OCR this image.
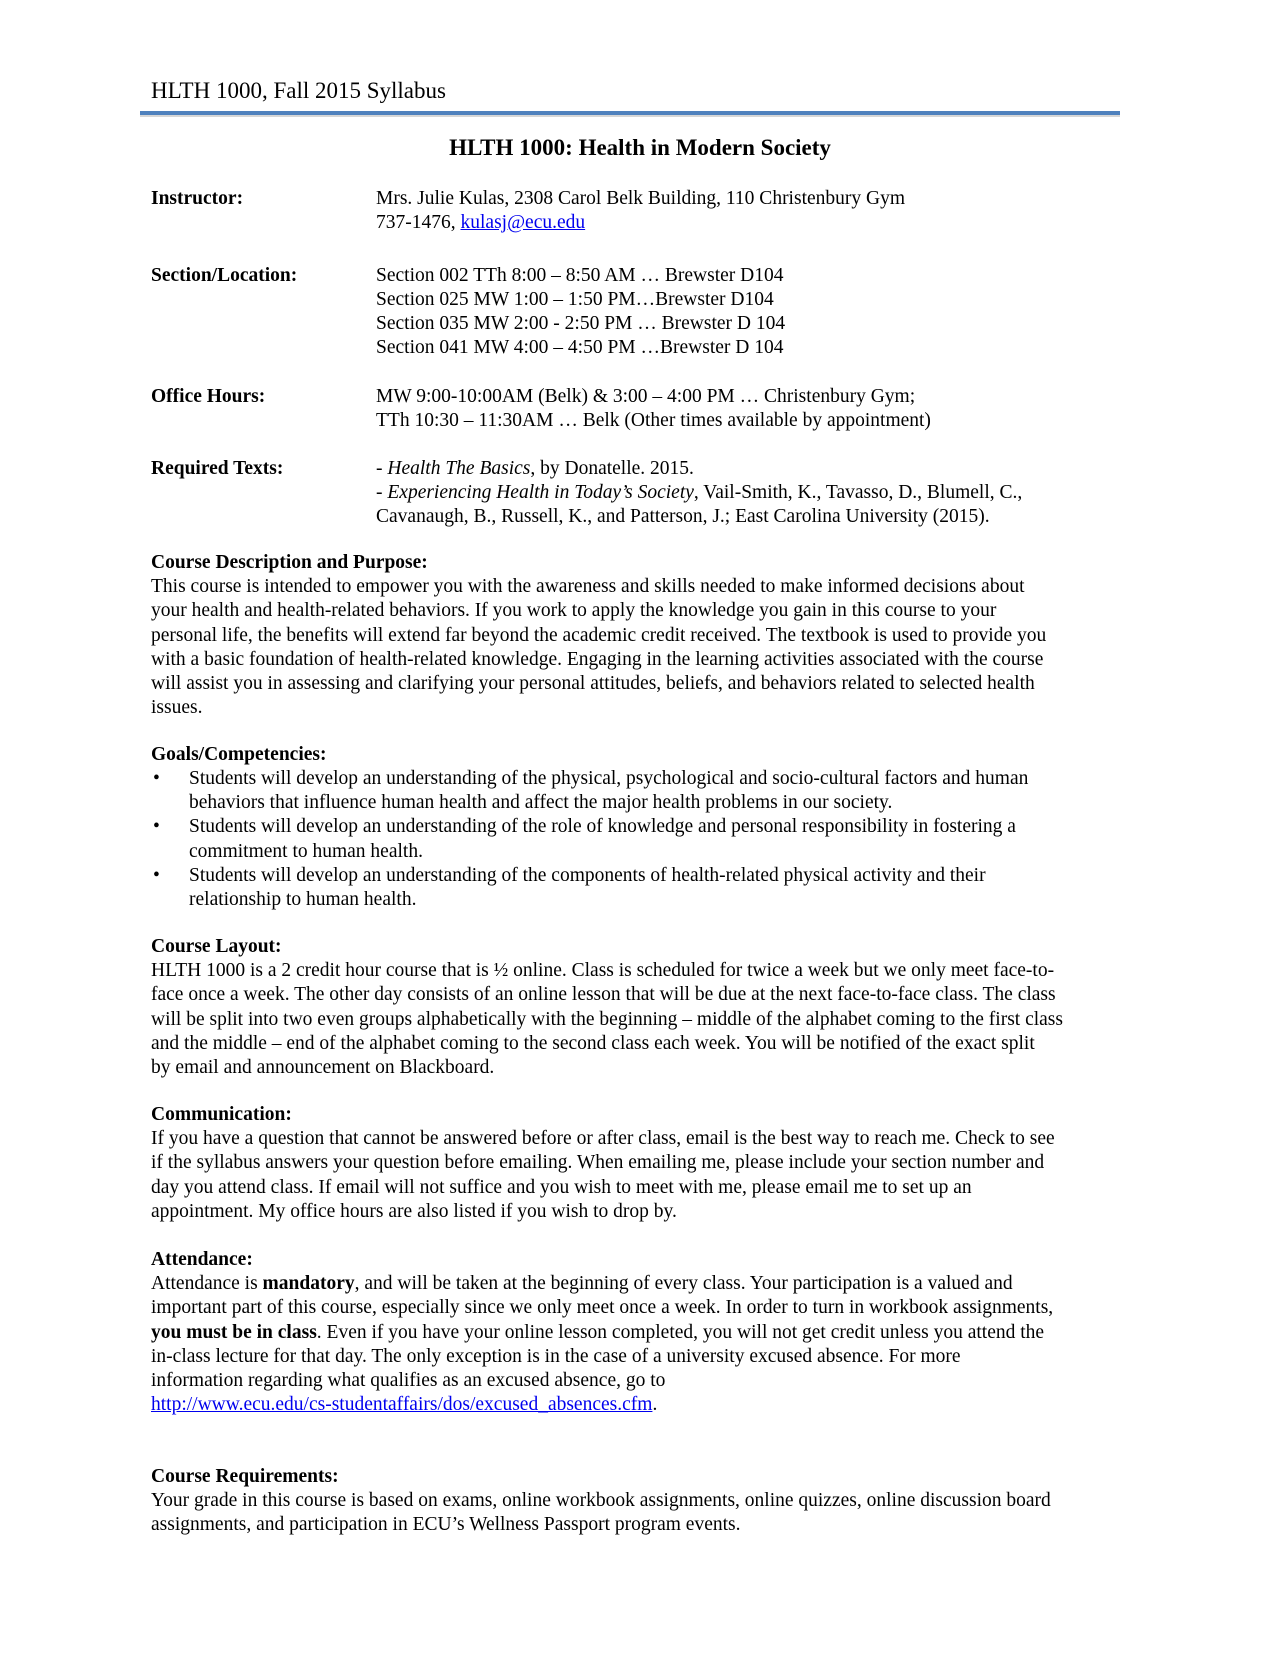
HLTH 1000, Fall 2015 Syllabus
HLTH 1000: Health in Modern Society
Instructor:	Mrs. Julie Kulas, 2308 Carol Belk Building, 110 Christenbury Gym
737-1476, kulasj@ecu.edu
Section/Location:	Section 002 TTh 8:00 – 8:50 AM … Brewster D104
Section 025 MW 1:00 – 1:50 PM…Brewster D104
Section 035 MW 2:00 - 2:50 PM … Brewster D 104
Section 041 MW 4:00 – 4:50 PM …Brewster D 104
Office Hours:	MW 9:00-10:00AM (Belk) & 3:00 – 4:00 PM … Christenbury Gym;
TTh 10:30 – 11:30AM … Belk (Other times available by appointment)
Required Texts:	- Health The Basics, by Donatelle. 2015.
- Experiencing Health in Today’s Society, Vail-Smith, K., Tavasso, D., Blumell, C.,
Cavanaugh, B., Russell, K., and Patterson, J.; East Carolina University (2015).
Course Description and Purpose:
This course is intended to empower you with the awareness and skills needed to make informed decisions about
your health and health-related behaviors. If you work to apply the knowledge you gain in this course to your
personal life, the benefits will extend far beyond the academic credit received. The textbook is used to provide you
with a basic foundation of health-related knowledge. Engaging in the learning activities associated with the course
will assist you in assessing and clarifying your personal attitudes, beliefs, and behaviors related to selected health
issues.
Goals/Competencies:
• Students will develop an understanding of the physical, psychological and socio-cultural factors and human
behaviors that influence human health and affect the major health problems in our society.
• Students will develop an understanding of the role of knowledge and personal responsibility in fostering a
commitment to human health.
• Students will develop an understanding of the components of health-related physical activity and their
relationship to human health.
Course Layout:
HLTH 1000 is a 2 credit hour course that is ½ online. Class is scheduled for twice a week but we only meet face-to-
face once a week. The other day consists of an online lesson that will be due at the next face-to-face class. The class
will be split into two even groups alphabetically with the beginning – middle of the alphabet coming to the first class
and the middle – end of the alphabet coming to the second class each week. You will be notified of the exact split
by email and announcement on Blackboard.
Communication:
If you have a question that cannot be answered before or after class, email is the best way to reach me. Check to see
if the syllabus answers your question before emailing. When emailing me, please include your section number and
day you attend class. If email will not suffice and you wish to meet with me, please email me to set up an
appointment. My office hours are also listed if you wish to drop by.
Attendance:
Attendance is mandatory, and will be taken at the beginning of every class. Your participation is a valued and
important part of this course, especially since we only meet once a week. In order to turn in workbook assignments,
you must be in class. Even if you have your online lesson completed, you will not get credit unless you attend the
in-class lecture for that day. The only exception is in the case of a university excused absence. For more
information regarding what qualifies as an excused absence, go to
http://www.ecu.edu/cs-studentaffairs/dos/excused_absences.cfm.
Course Requirements:
Your grade in this course is based on exams, online workbook assignments, online quizzes, online discussion board
assignments, and participation in ECU’s Wellness Passport program events.
